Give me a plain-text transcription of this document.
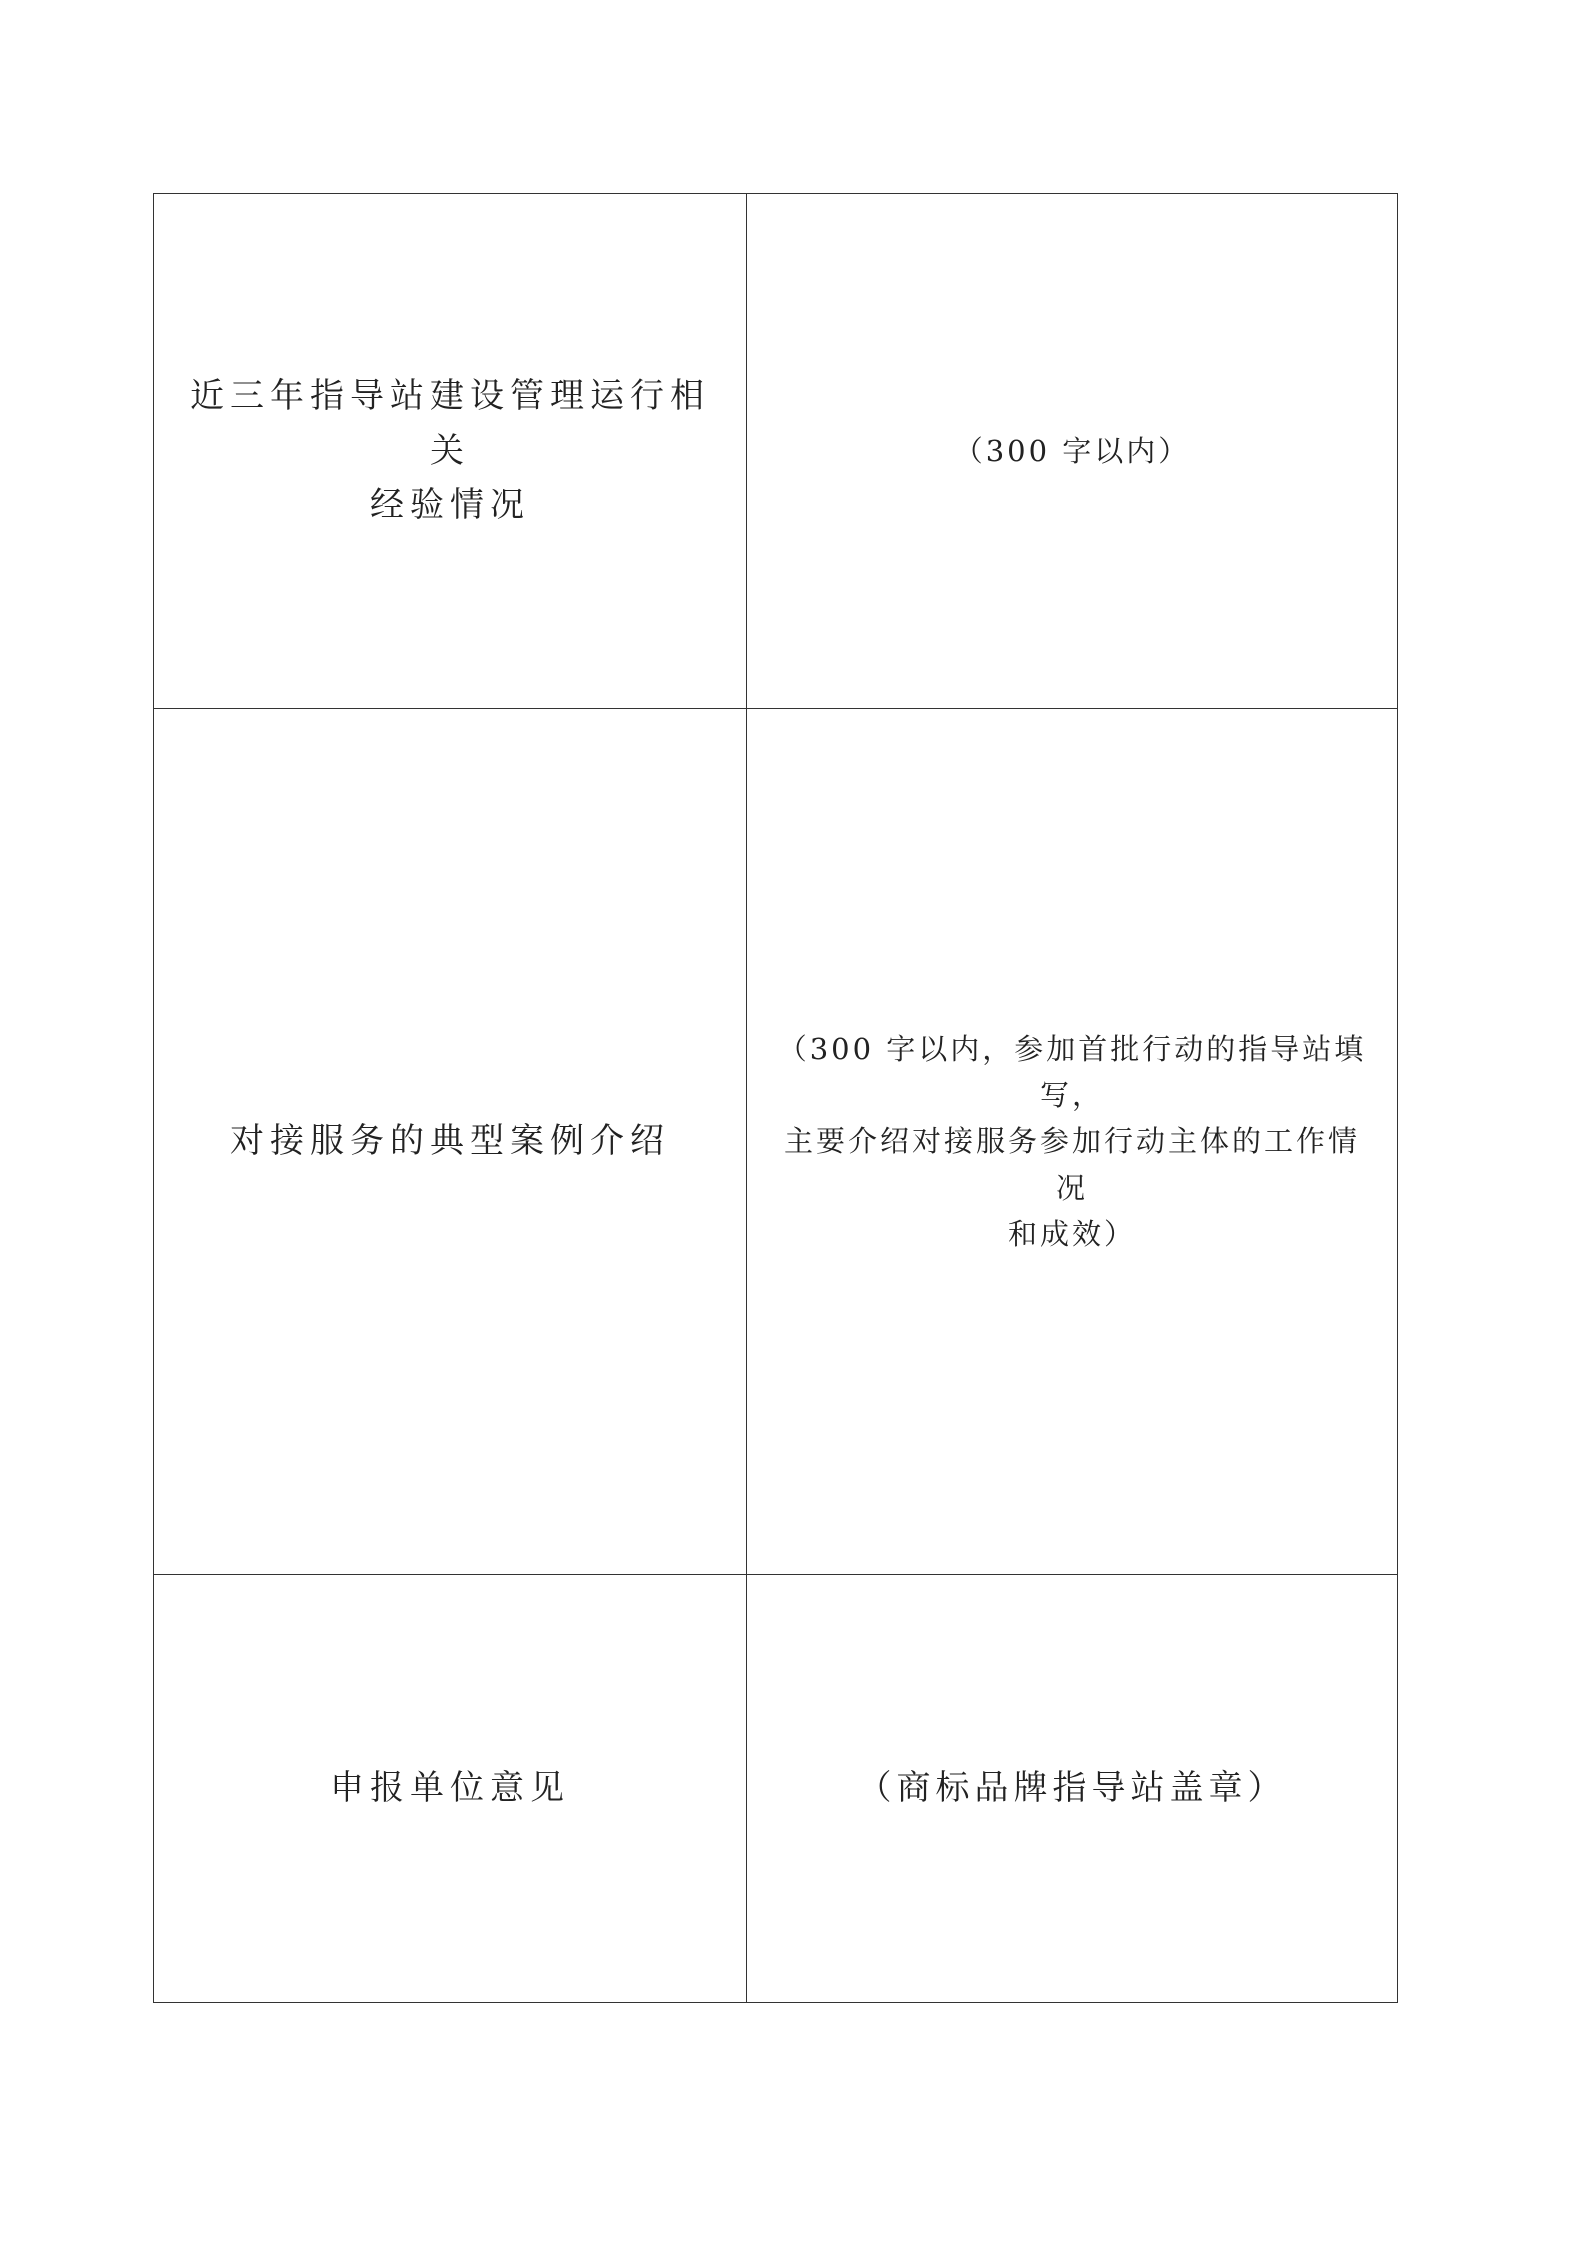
近三年指导站建设管理运行相关
经验情况	（300 字以内）

对接服务的典型案例介绍	（300 字以内，参加首批行动的指导站填写，
主要介绍对接服务参加行动主体的工作情况
和成效）

申报单位意见	（商标品牌指导站盖章）
